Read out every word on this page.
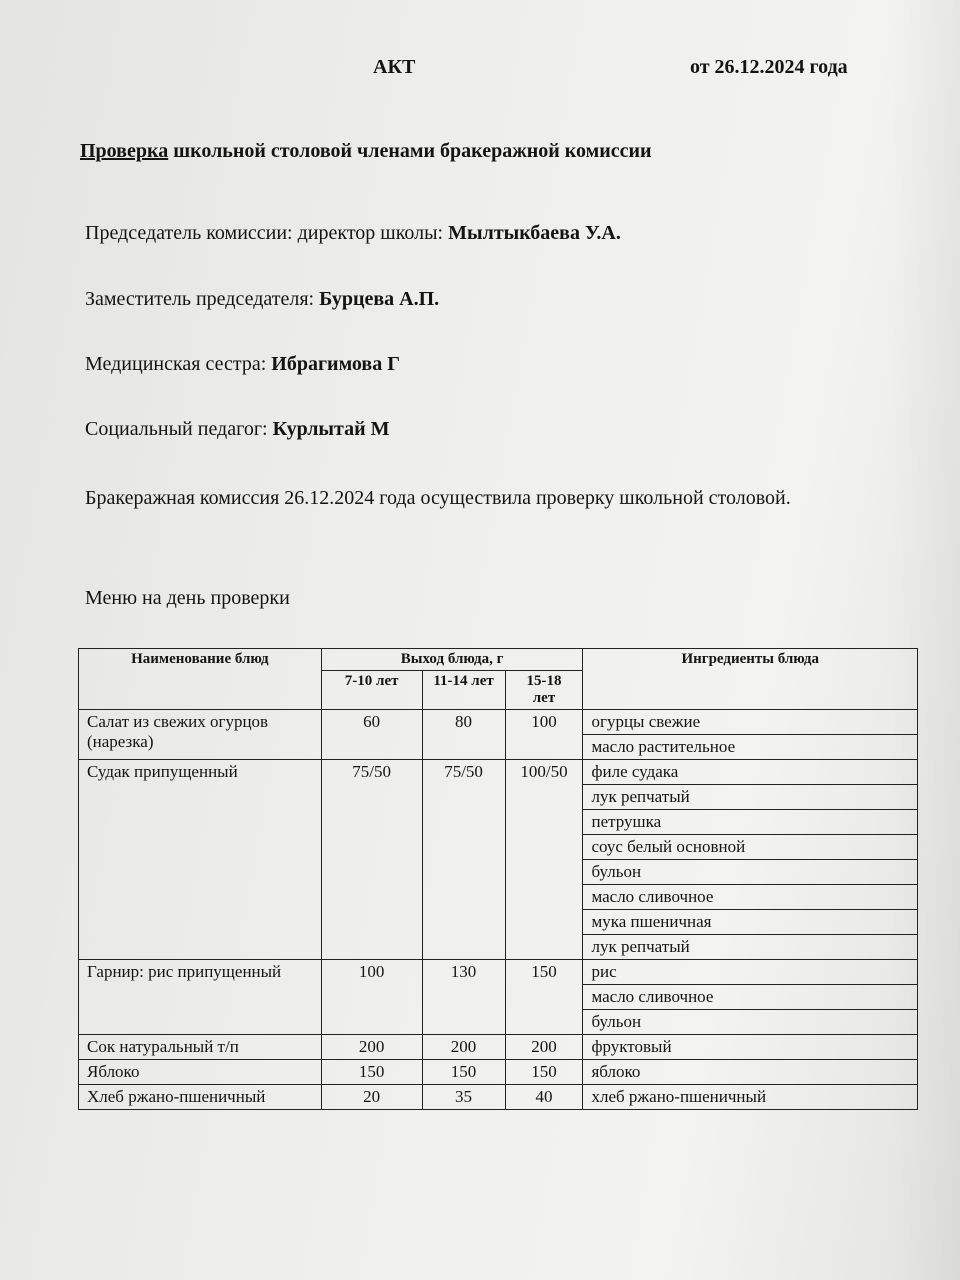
АКТ	от 26.12.2024 года
Проверка школьной столовой членами бракеражной комиссии
Председатель комиссии: директор школы: Мылтыкбаева У.А.
Заместитель председателя: Бурцева А.П.
Медицинская сестра: Ибрагимова Г
Социальный педагог: Курлытай М
Бракеражная комиссия 26.12.2024 года осуществила проверку школьной столовой.
Меню на день проверки
Наименование блюд	Выход блюда, г			Ингредиенты блюда
	7-10 лет	11-14 лет	15-18 лет	
Салат из свежих огурцов (нарезка)	60	80	100	огурцы свежие
				масло растительное
Судак припущенный	75/50	75/50	100/50	филе судака
				лук репчатый
				петрушка
				соус белый основной
				бульон
				масло сливочное
				мука пшеничная
				лук репчатый
Гарнир: рис припущенный	100	130	150	рис
				масло сливочное
				бульон
Сок натуральный т/п	200	200	200	фруктовый
Яблоко	150	150	150	яблоко
Хлеб ржано-пшеничный	20	35	40	хлеб ржано-пшеничный
